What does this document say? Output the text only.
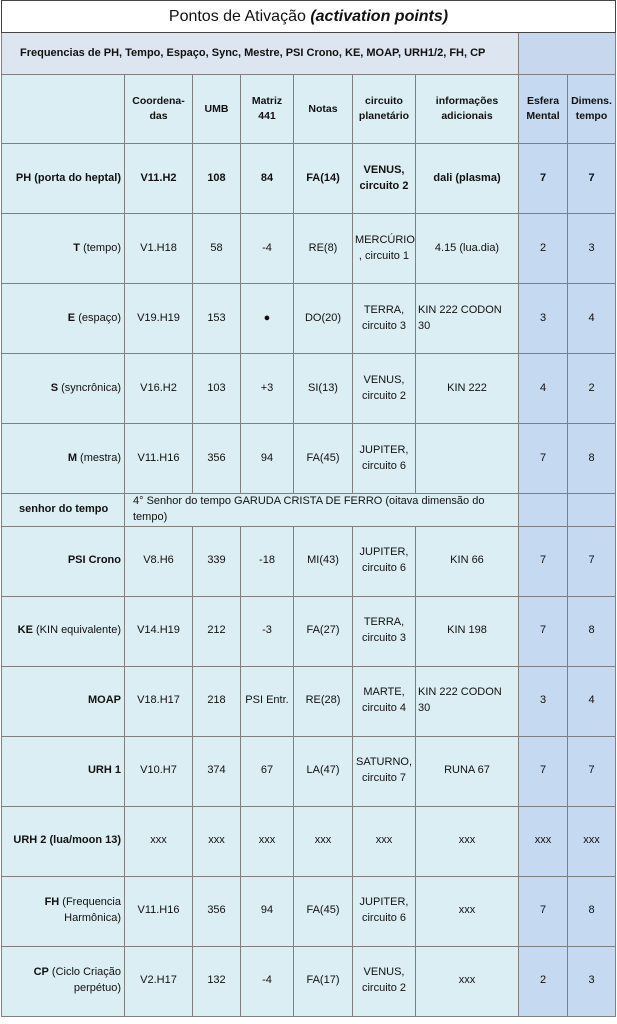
Pontos de Ativação (activation points)								
Frequencias de PH, Tempo, Espaço, Sync, Mestre, PSI Crono, KE, MOAP, URH1/2, FH, CP								
	Coordena-das	UMB	Matriz 441	Notas	circuito planetário	informações adicionais	Esfera Mental	Dimens. tempo
PH (porta do heptal)	V11.H2	108	84	FA(14)	VENUS, circuito 2	dali (plasma)	7	7
T (tempo)	V1.H18	58	-4	RE(8)	MERCÚRIO , circuito 1	4.15 (lua.dia)	2	3
E (espaço)	V19.H19	153	●	DO(20)	TERRA, circuito 3	KIN 222 CODON 30	3	4
S (syncrônica)	V16.H2	103	+3	SI(13)	VENUS, circuito 2	KIN 222	4	2
M (mestra)	V11.H16	356	94	FA(45)	JUPITER, circuito 6		7	8
senhor do tempo	4° Senhor do tempo GARUDA CRISTA DE FERRO (oitava dimensão do tempo)							
PSI Crono	V8.H6	339	-18	MI(43)	JUPITER, circuito 6	KIN 66	7	7
KE (KIN equivalente)	V14.H19	212	-3	FA(27)	TERRA, circuito 3	KIN 198	7	8
MOAP	V18.H17	218	PSI Entr.	RE(28)	MARTE, circuito 4	KIN 222 CODON 30	3	4
URH 1	V10.H7	374	67	LA(47)	SATURNO, circuito 7	RUNA 67	7	7
URH 2 (lua/moon 13)	xxx	xxx	xxx	xxx	xxx	xxx	xxx	xxx
FH (Frequencia Harmônica)	V11.H16	356	94	FA(45)	JUPITER, circuito 6	xxx	7	8
CP (Ciclo Criação perpétuo)	V2.H17	132	-4	FA(17)	VENUS, circuito 2	xxx	2	3
